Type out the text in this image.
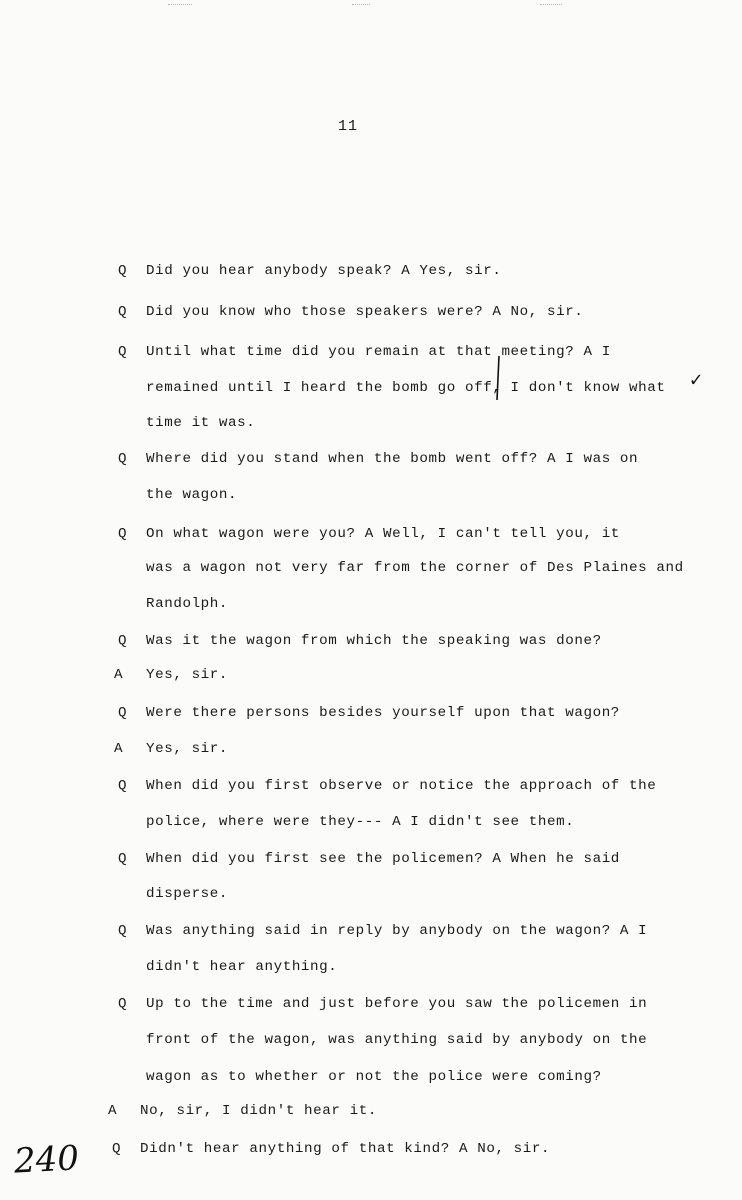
11
Q Did you hear anybody speak? A Yes, sir.
Q Did you know who those speakers were? A No, sir.
Q Until what time did you remain at that meeting? A I
remained until I heard the bomb go off, I don't know what
time it was.
Q Where did you stand when the bomb went off? A I was on
the wagon.
Q On what wagon were you? A Well, I can't tell you, it
was a wagon not very far from the corner of Des Plaines and
Randolph.
Q Was it the wagon from which the speaking was done?
A Yes, sir.
Q Were there persons besides yourself upon that wagon?
A Yes, sir.
Q When did you first observe or notice the approach of the
police, where were they--- A I didn't see them.
Q When did you first see the policemen? A When he said
disperse.
Q Was anything said in reply by anybody on the wagon? A I
didn't hear anything.
Q Up to the time and just before you saw the policemen in
front of the wagon, was anything said by anybody on the
wagon as to whether or not the police were coming?
A No, sir, I didn't hear it.
Q Didn't hear anything of that kind? A No, sir.
✓
240
